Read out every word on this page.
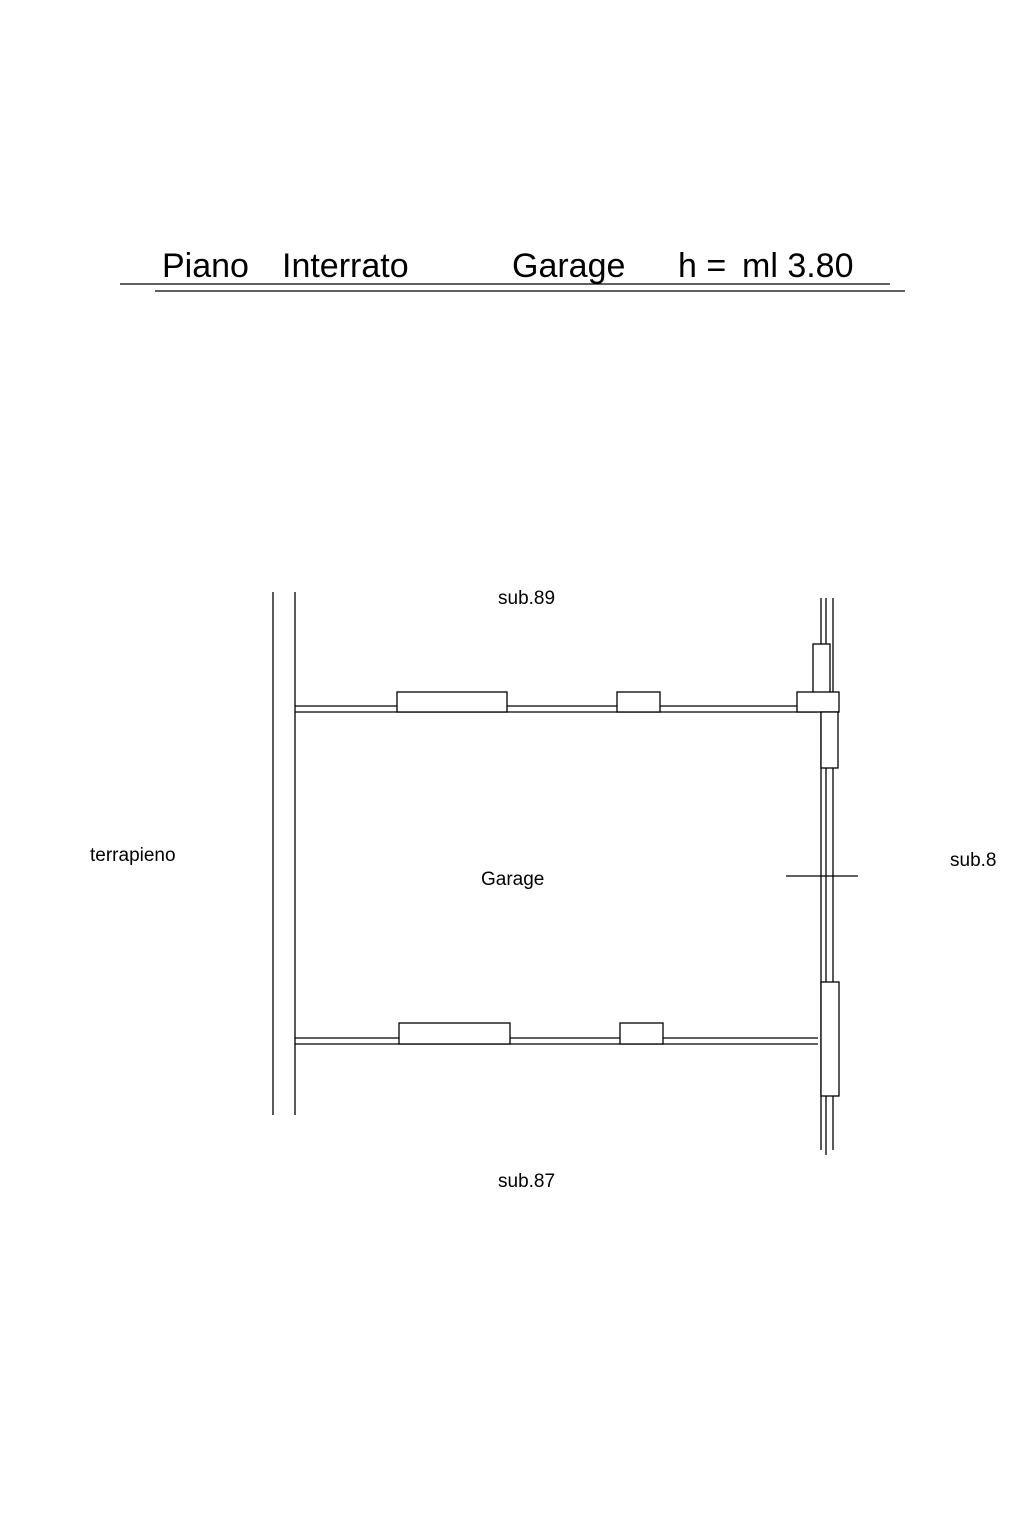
Piano Interrato	Garage h = ml 3.80
sub.89
terrapieno
Garage
sub.8
sub.87
